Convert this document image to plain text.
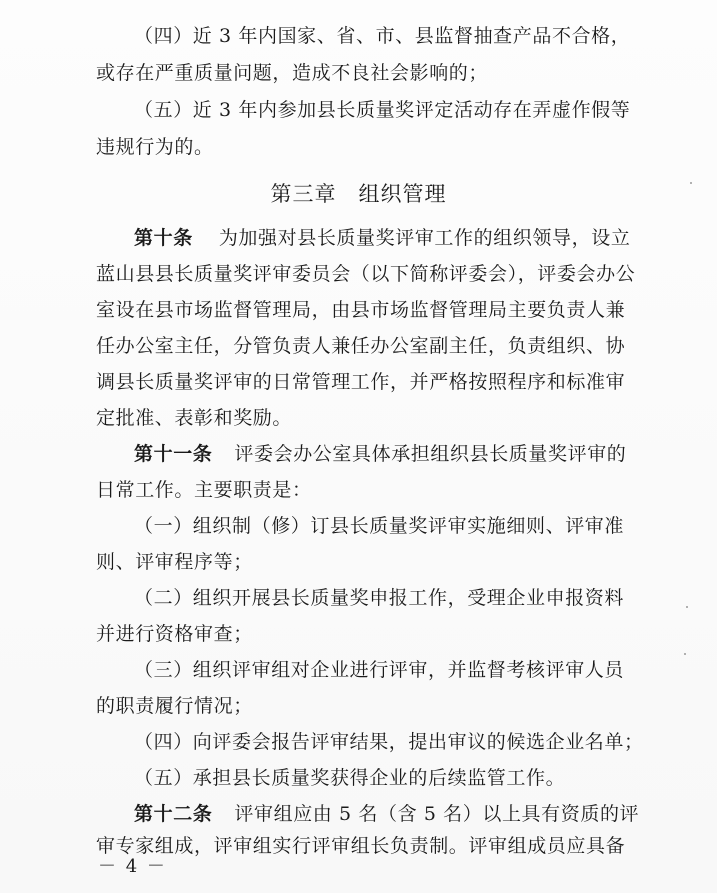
（四）近 3 年内国家、省、市、县监督抽查产品不合格，
或存在严重质量问题，造成不良社会影响的；
（五）近 3 年内参加县长质量奖评定活动存在弄虚作假等
违规行为的。
第三章　组织管理
第十条 为加强对县长质量奖评审工作的组织领导，设立
蓝山县县长质量奖评审委员会（以下简称评委会），评委会办公
室设在县市场监督管理局，由县市场监督管理局主要负责人兼
任办公室主任，分管负责人兼任办公室副主任，负责组织、协
调县长质量奖评审的日常管理工作，并严格按照程序和标准审
定批准、表彰和奖励。
第十一条 评委会办公室具体承担组织县长质量奖评审的
日常工作。主要职责是：
（一）组织制（修）订县长质量奖评审实施细则、评审准
则、评审程序等；
（二）组织开展县长质量奖申报工作，受理企业申报资料
并进行资格审查；
（三）组织评审组对企业进行评审，并监督考核评审人员
的职责履行情况；
（四）向评委会报告评审结果，提出审议的候选企业名单；
（五）承担县长质量奖获得企业的后续监管工作。
第十二条 评审组应由 5 名（含 5 名）以上具有资质的评
审专家组成，评审组实行评审组长负责制。评审组成员应具备
－ 4 －
